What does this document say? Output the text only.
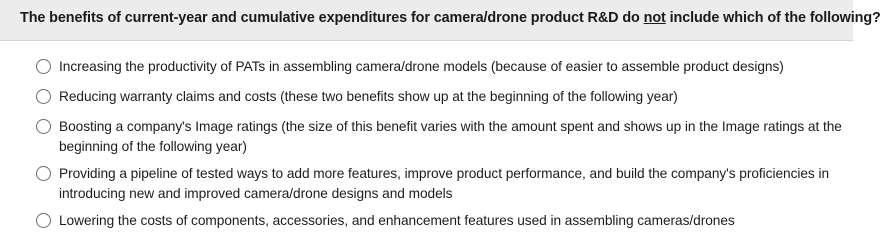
The benefits of current-year and cumulative expenditures for camera/drone product R&D do not include which of the following?
Increasing the productivity of PATs in assembling camera/drone models (because of easier to assemble product designs)
Reducing warranty claims and costs (these two benefits show up at the beginning of the following year)
Boosting a company's Image ratings (the size of this benefit varies with the amount spent and shows up in the Image ratings at the beginning of the following year)
Providing a pipeline of tested ways to add more features, improve product performance, and build the company's proficiencies in introducing new and improved camera/drone designs and models
Lowering the costs of components, accessories, and enhancement features used in assembling cameras/drones
